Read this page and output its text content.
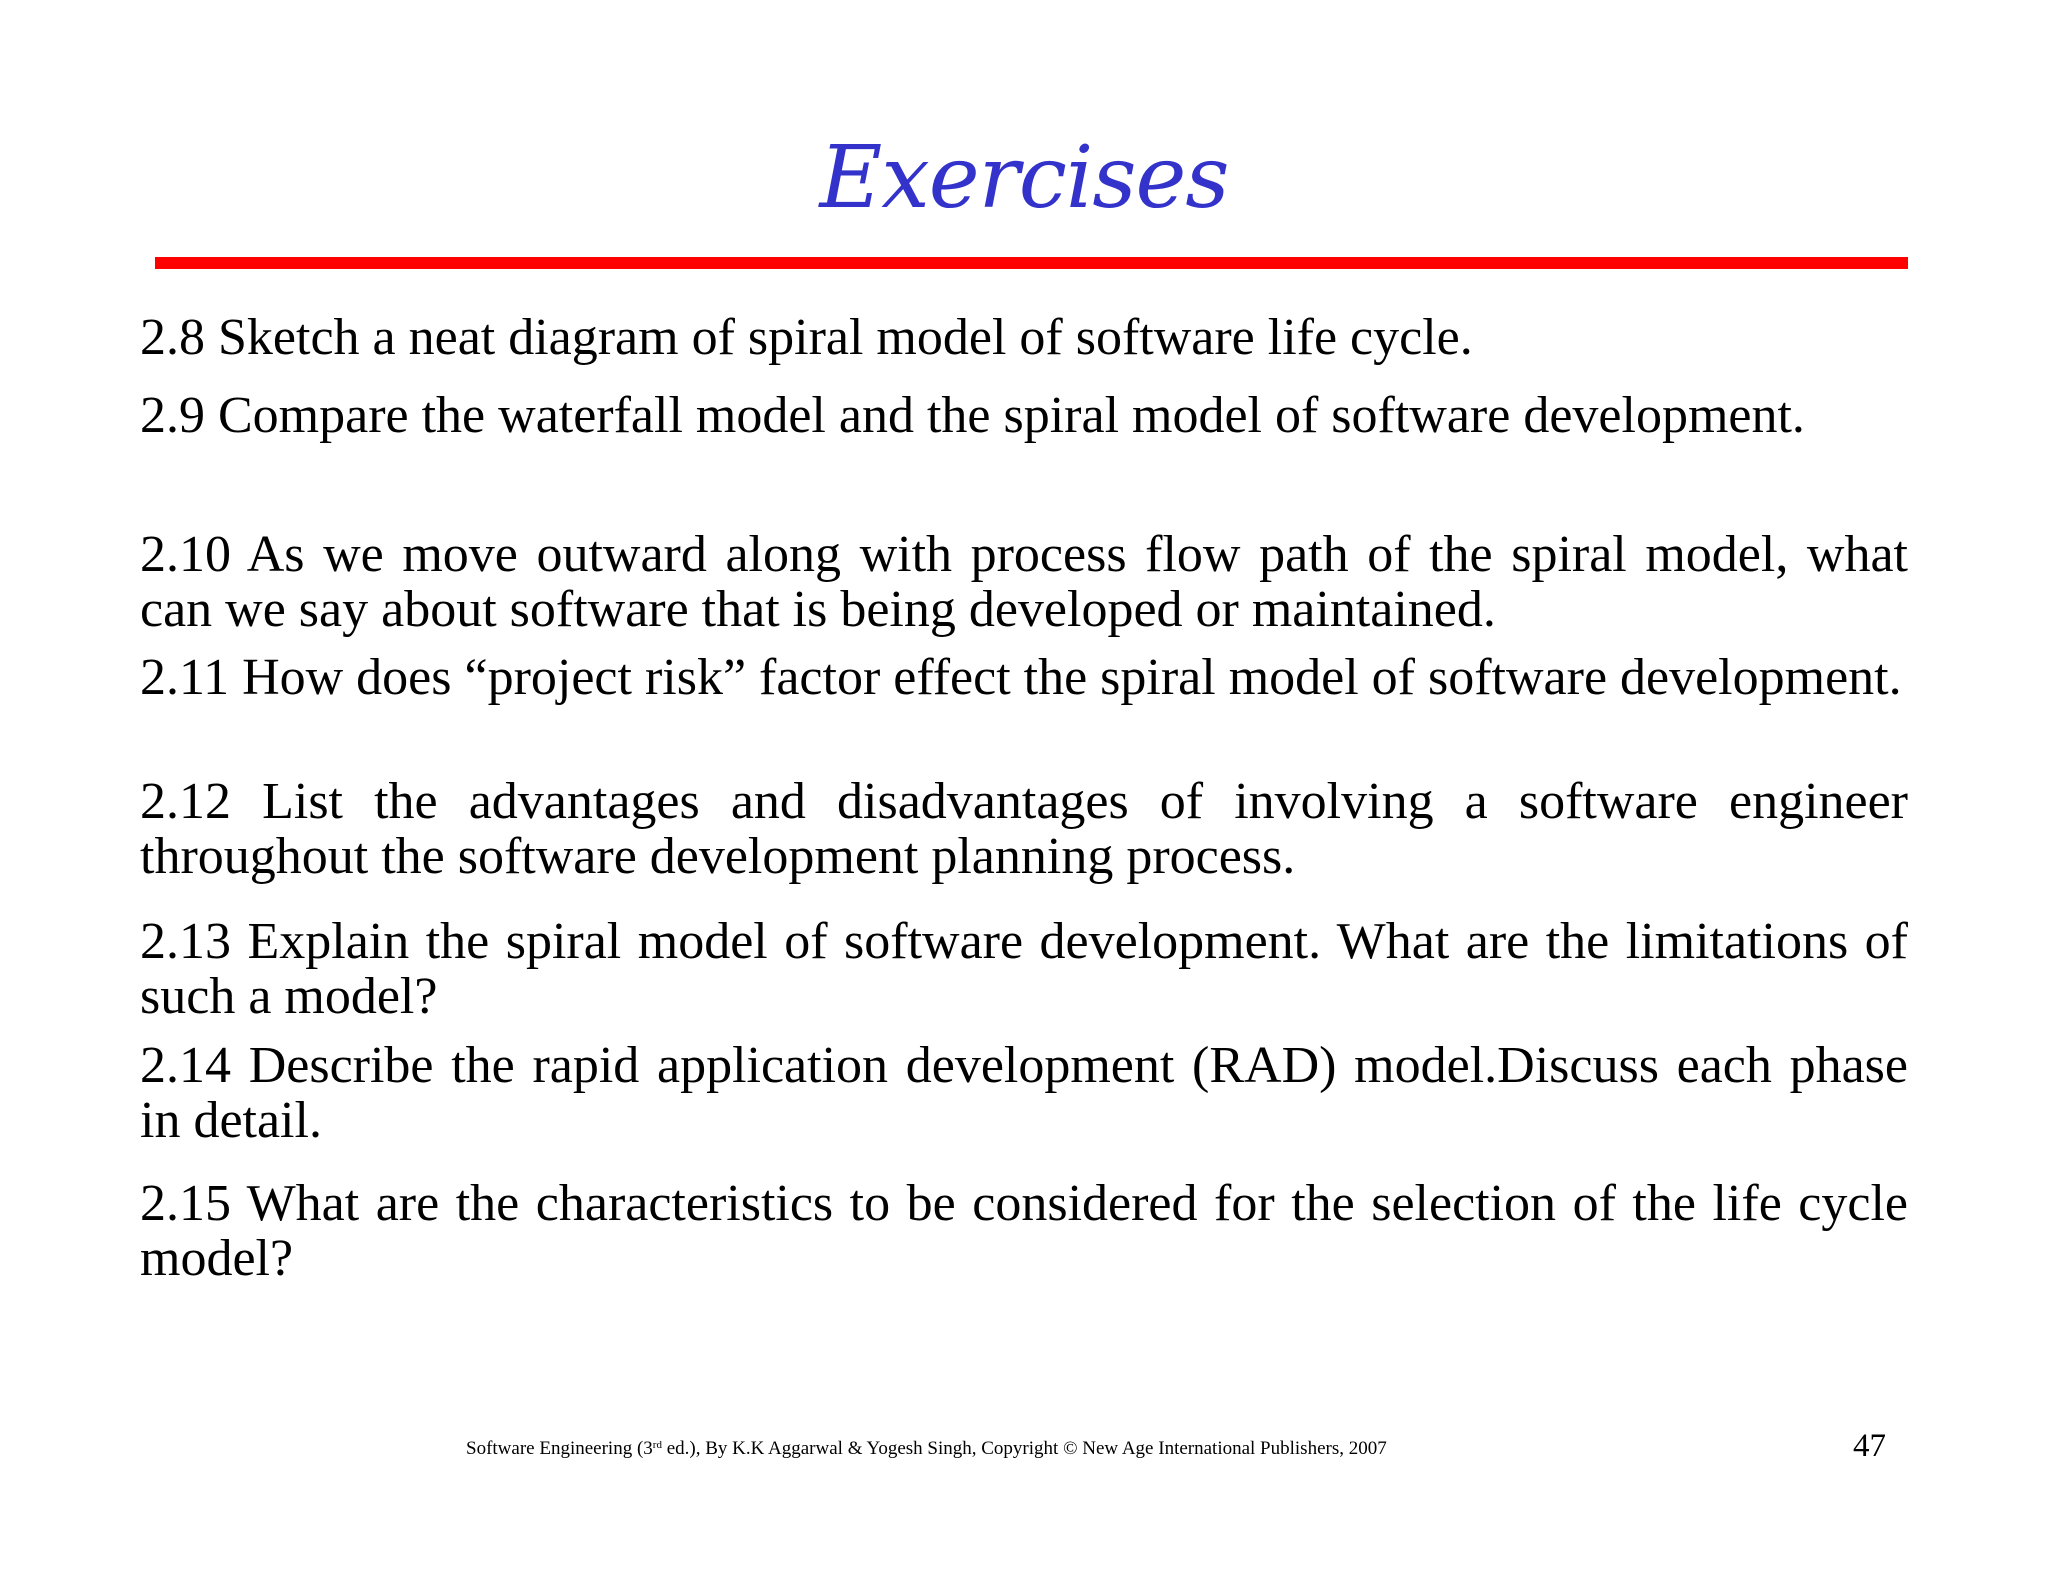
Exercises
2.8 Sketch a neat diagram of spiral model of software life cycle.
2.9 Compare the waterfall model and the spiral model of software development.
2.10 As we move outward along with process flow path of the spiral model, what can we say about software that is being developed or maintained.
2.11 How does “project risk” factor effect the spiral model of software development.
2.12 List the advantages and disadvantages of involving a software engineer throughout the software development planning process.
2.13 Explain the spiral model of software development. What are the limitations of such a model?
2.14 Describe the rapid application development (RAD) model.Discuss each phase in detail.
2.15 What are the characteristics to be considered for the selection of the life cycle model?
Software Engineering (3rd ed.), By K.K Aggarwal & Yogesh Singh, Copyright © New Age International Publishers, 2007	47
